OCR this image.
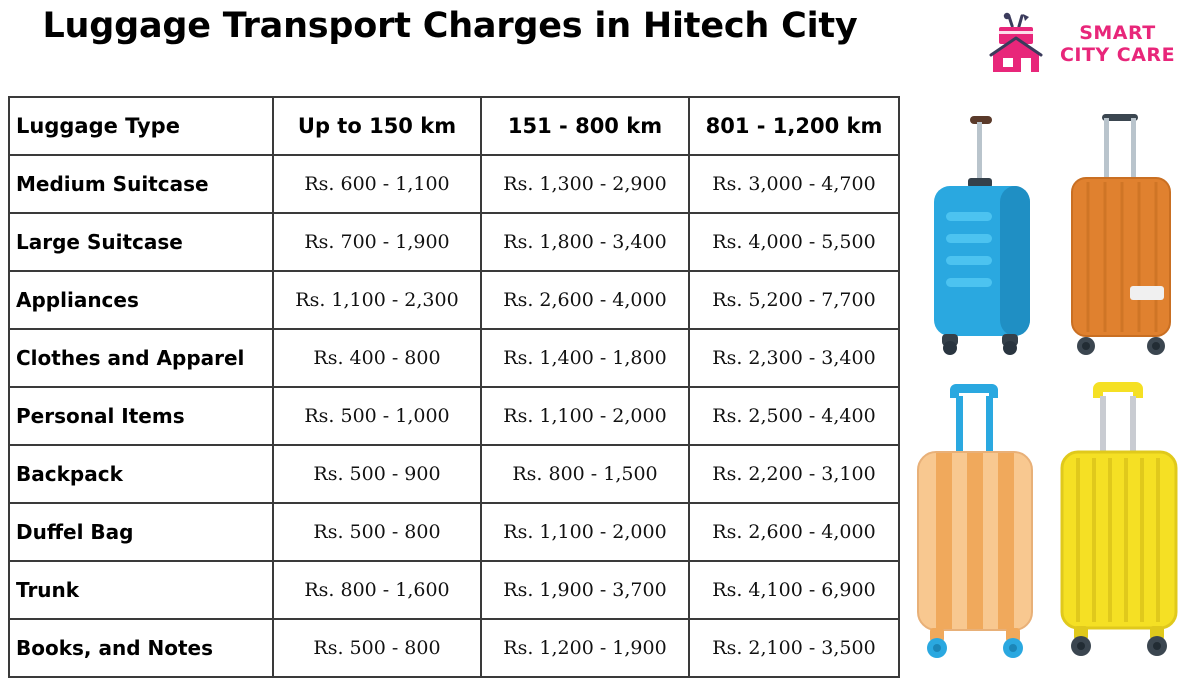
Luggage Transport Charges in Hitech City	SMART CITY CARE
Luggage Type	Up to 150 km	151 - 800 km	801 - 1,200 km
Medium Suitcase	Rs. 600 - 1,100	Rs. 1,300 - 2,900	Rs. 3,000 - 4,700
Large Suitcase	Rs. 700 - 1,900	Rs. 1,800 - 3,400	Rs. 4,000 - 5,500
Appliances	Rs. 1,100 - 2,300	Rs. 2,600 - 4,000	Rs. 5,200 - 7,700
Clothes and Apparel	Rs. 400 - 800	Rs. 1,400 - 1,800	Rs. 2,300 - 3,400
Personal Items	Rs. 500 - 1,000	Rs. 1,100 - 2,000	Rs. 2,500 - 4,400
Backpack	Rs. 500 - 900	Rs. 800 - 1,500	Rs. 2,200 - 3,100
Duffel Bag	Rs. 500 - 800	Rs. 1,100 - 2,000	Rs. 2,600 - 4,000
Trunk	Rs. 800 - 1,600	Rs. 1,900 - 3,700	Rs. 4,100 - 6,900
Books, and Notes	Rs. 500 - 800	Rs. 1,200 - 1,900	Rs. 2,100 - 3,500
